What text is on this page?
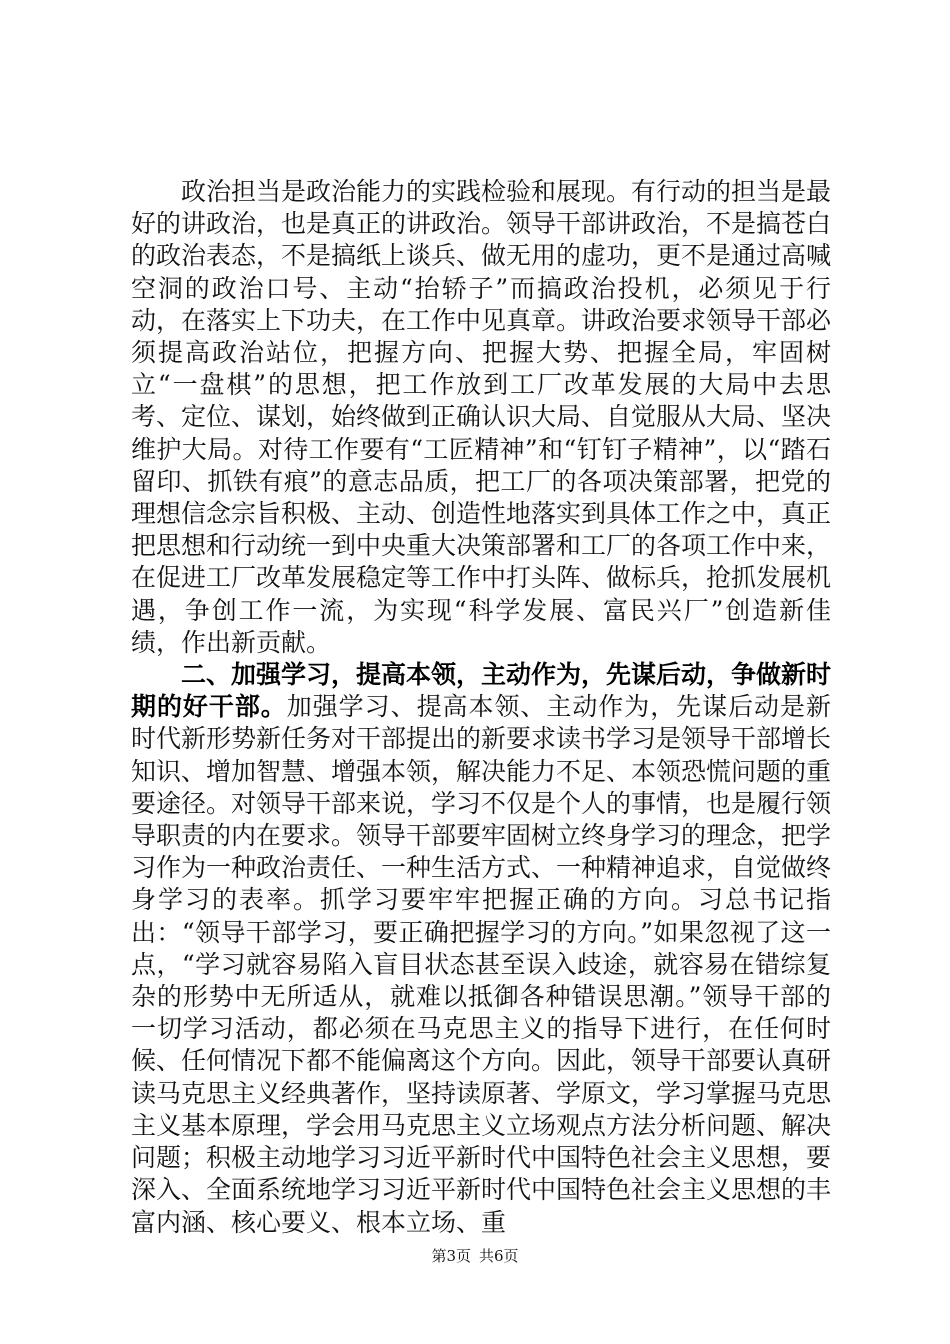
政治担当是政治能力的实践检验和展现。有行动的担当是最好的讲政治，也是真正的讲政治。领导干部讲政治，不是搞苍白的政治表态，不是搞纸上谈兵、做无用的虚功，更不是通过高喊空洞的政治口号、主动“抬轿子”而搞政治投机，必须见于行动，在落实上下功夫，在工作中见真章。讲政治要求领导干部必须提高政治站位，把握方向、把握大势、把握全局，牢固树立“一盘棋”的思想，把工作放到工厂改革发展的大局中去思考、定位、谋划，始终做到正确认识大局、自觉服从大局、坚决维护大局。对待工作要有“工匠精神”和“钉钉子精神”，以“踏石留印、抓铁有痕”的意志品质，把工厂的各项决策部署，把党的理想信念宗旨积极、主动、创造性地落实到具体工作之中，真正把思想和行动统一到中央重大决策部署和工厂的各项工作中来，在促进工厂改革发展稳定等工作中打头阵、做标兵，抢抓发展机遇，争创工作一流，为实现“科学发展、富民兴厂”创造新佳绩，作出新贡献。

二、加强学习，提高本领，主动作为，先谋后动，争做新时期的好干部。加强学习、提高本领、主动作为，先谋后动是新时代新形势新任务对干部提出的新要求读书学习是领导干部增长知识、增加智慧、增强本领，解决能力不足、本领恐慌问题的重要途径。对领导干部来说，学习不仅是个人的事情，也是履行领导职责的内在要求。领导干部要牢固树立终身学习的理念，把学习作为一种政治责任、一种生活方式、一种精神追求，自觉做终身学习的表率。抓学习要牢牢把握正确的方向。习总书记指出：“领导干部学习，要正确把握学习的方向。”如果忽视了这一点，“学习就容易陷入盲目状态甚至误入歧途，就容易在错综复杂的形势中无所适从，就难以抵御各种错误思潮。”领导干部的一切学习活动，都必须在马克思主义的指导下进行，在任何时候、任何情况下都不能偏离这个方向。因此，领导干部要认真研读马克思主义经典著作，坚持读原著、学原文，学习掌握马克思主义基本原理，学会用马克思主义立场观点方法分析问题、解决问题；积极主动地学习习近平新时代中国特色社会主义思想，要深入、全面系统地学习习近平新时代中国特色社会主义思想的丰富内涵、核心要义、根本立场、重

第3页 共6页
